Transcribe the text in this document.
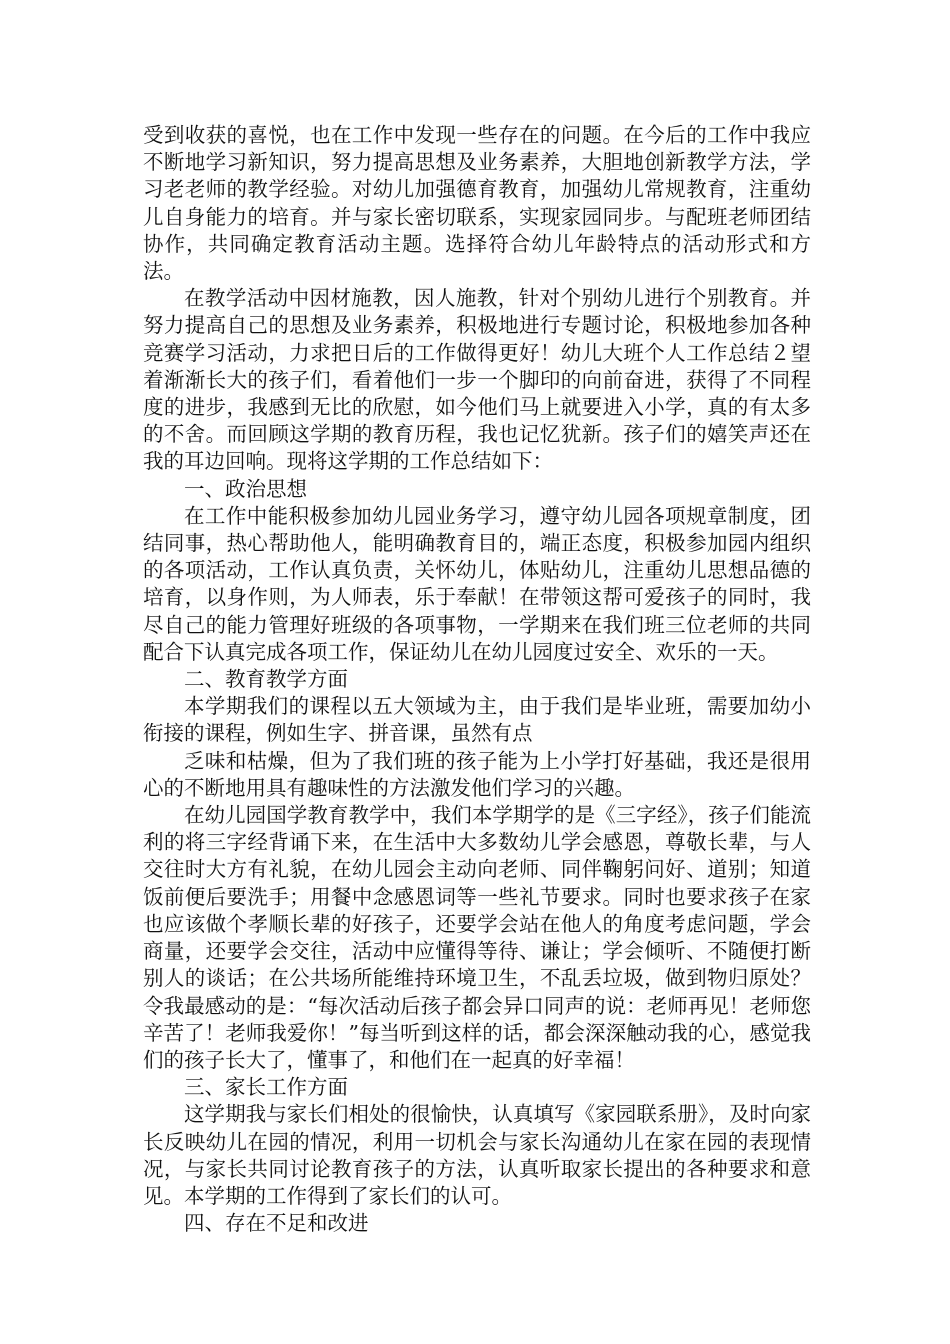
受到收获的喜悦，也在工作中发现一些存在的问题。在今后的工作中我应不断地学习新知识，努力提高思想及业务素养，大胆地创新教学方法，学习老老师的教学经验。对幼儿加强德育教育，加强幼儿常规教育，注重幼儿自身能力的培育。并与家长密切联系，实现家园同步。与配班老师团结协作，共同确定教育活动主题。选择符合幼儿年龄特点的活动形式和方法。

在教学活动中因材施教，因人施教，针对个别幼儿进行个别教育。并努力提高自己的思想及业务素养，积极地进行专题讨论，积极地参加各种竞赛学习活动，力求把日后的工作做得更好！幼儿大班个人工作总结２望着渐渐长大的孩子们，看着他们一步一个脚印的向前奋进，获得了不同程度的进步，我感到无比的欣慰，如今他们马上就要进入小学，真的有太多的不舍。而回顾这学期的教育历程，我也记忆犹新。孩子们的嬉笑声还在我的耳边回响。现将这学期的工作总结如下：

一、政治思想

在工作中能积极参加幼儿园业务学习，遵守幼儿园各项规章制度，团结同事，热心帮助他人，能明确教育目的，端正态度，积极参加园内组织的各项活动，工作认真负责，关怀幼儿，体贴幼儿，注重幼儿思想品德的培育，以身作则，为人师表，乐于奉献！在带领这帮可爱孩子的同时，我尽自己的能力管理好班级的各项事物，一学期来在我们班三位老师的共同配合下认真完成各项工作，保证幼儿在幼儿园度过安全、欢乐的一天。

二、教育教学方面

本学期我们的课程以五大领域为主，由于我们是毕业班，需要加幼小衔接的课程，例如生字、拼音课，虽然有点

乏味和枯燥，但为了我们班的孩子能为上小学打好基础，我还是很用心的不断地用具有趣味性的方法激发他们学习的兴趣。

在幼儿园国学教育教学中，我们本学期学的是《三字经》，孩子们能流利的将三字经背诵下来，在生活中大多数幼儿学会感恩，尊敬长辈，与人交往时大方有礼貌，在幼儿园会主动向老师、同伴鞠躬问好、道别；知道饭前便后要洗手；用餐中念感恩词等一些礼节要求。同时也要求孩子在家也应该做个孝顺长辈的好孩子，还要学会站在他人的角度考虑问题，学会商量，还要学会交往，活动中应懂得等待、谦让；学会倾听、不随便打断别人的谈话；在公共场所能维持环境卫生，不乱丢垃圾，做到物归原处？令我最感动的是：“每次活动后孩子都会异口同声的说：老师再见！老师您辛苦了！老师我爱你！”每当听到这样的话，都会深深触动我的心，感觉我们的孩子长大了，懂事了，和他们在一起真的好幸福！

三、家长工作方面

这学期我与家长们相处的很愉快，认真填写《家园联系册》，及时向家长反映幼儿在园的情况，利用一切机会与家长沟通幼儿在家在园的表现情况，与家长共同讨论教育孩子的方法，认真听取家长提出的各种要求和意见。本学期的工作得到了家长们的认可。

四、存在不足和改进
